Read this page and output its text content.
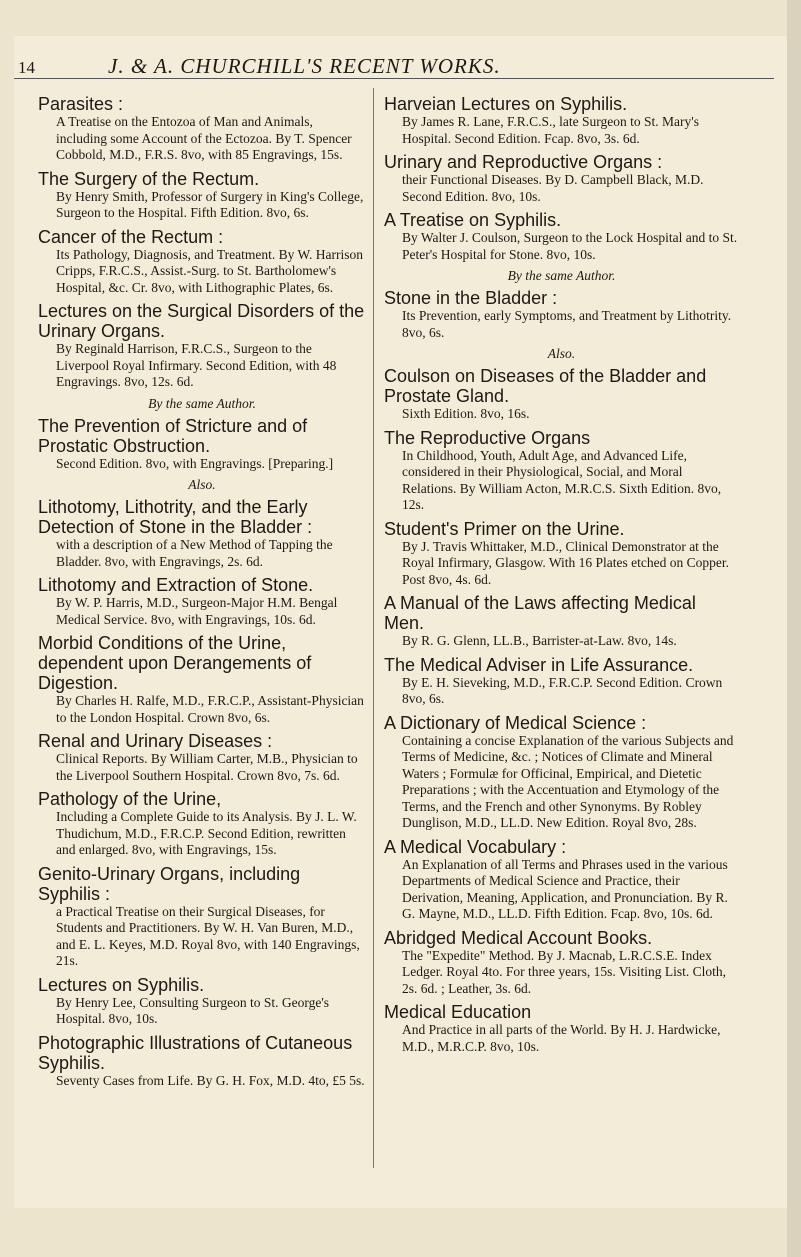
14	J. & A. CHURCHILL'S RECENT WORKS.
Parasites :
A Treatise on the Entozoa of Man and Animals, including some Account of the Ectozoa. By T. Spencer Cobbold, M.D., F.R.S. 8vo, with 85 Engravings, 15s.
The Surgery of the Rectum.
By Henry Smith, Professor of Surgery in King's College, Surgeon to the Hospital. Fifth Edition. 8vo, 6s.
Cancer of the Rectum :
Its Pathology, Diagnosis, and Treatment. By W. Harrison Cripps, F.R.C.S., Assist.-Surg. to St. Bartholomew's Hospital, &c. Cr. 8vo, with Lithographic Plates, 6s.
Lectures on the Surgical Disorders of the Urinary Organs.
By Reginald Harrison, F.R.C.S., Surgeon to the Liverpool Royal Infirmary. Second Edition, with 48 Engravings. 8vo, 12s. 6d.
By the same Author.
The Prevention of Stricture and of Prostatic Obstruction.
Second Edition. 8vo, with Engravings. [Preparing.]
Also.
Lithotomy, Lithotrity, and the Early Detection of Stone in the Bladder :
with a description of a New Method of Tapping the Bladder. 8vo, with Engravings, 2s. 6d.
Lithotomy and Extraction of Stone.
By W. P. Harris, M.D., Surgeon-Major H.M. Bengal Medical Service. 8vo, with Engravings, 10s. 6d.
Morbid Conditions of the Urine, dependent upon Derangements of Digestion.
By Charles H. Ralfe, M.D., F.R.C.P., Assistant-Physician to the London Hospital. Crown 8vo, 6s.
Renal and Urinary Diseases :
Clinical Reports. By William Carter, M.B., Physician to the Liverpool Southern Hospital. Crown 8vo, 7s. 6d.
Pathology of the Urine,
Including a Complete Guide to its Analysis. By J. L. W. Thudichum, M.D., F.R.C.P. Second Edition, rewritten and enlarged. 8vo, with Engravings, 15s.
Genito-Urinary Organs, including Syphilis :
a Practical Treatise on their Surgical Diseases, for Students and Practitioners. By W. H. Van Buren, M.D., and E. L. Keyes, M.D. Royal 8vo, with 140 Engravings, 21s.
Lectures on Syphilis.
By Henry Lee, Consulting Surgeon to St. George's Hospital. 8vo, 10s.
Photographic Illustrations of Cutaneous Syphilis.
Seventy Cases from Life. By G. H. Fox, M.D. 4to, £5 5s.
Harveian Lectures on Syphilis.
By James R. Lane, F.R.C.S., late Surgeon to St. Mary's Hospital. Second Edition. Fcap. 8vo, 3s. 6d.
Urinary and Reproductive Organs :
their Functional Diseases. By D. Campbell Black, M.D. Second Edition. 8vo, 10s.
A Treatise on Syphilis.
By Walter J. Coulson, Surgeon to the Lock Hospital and to St. Peter's Hospital for Stone. 8vo, 10s.
By the same Author.
Stone in the Bladder :
Its Prevention, early Symptoms, and Treatment by Lithotrity. 8vo, 6s.
Also.
Coulson on Diseases of the Bladder and Prostate Gland.
Sixth Edition. 8vo, 16s.
The Reproductive Organs
In Childhood, Youth, Adult Age, and Advanced Life, considered in their Physiological, Social, and Moral Relations. By William Acton, M.R.C.S. Sixth Edition. 8vo, 12s.
Student's Primer on the Urine.
By J. Travis Whittaker, M.D., Clinical Demonstrator at the Royal Infirmary, Glasgow. With 16 Plates etched on Copper. Post 8vo, 4s. 6d.
A Manual of the Laws affecting Medical Men.
By R. G. Glenn, LL.B., Barrister-at-Law. 8vo, 14s.
The Medical Adviser in Life Assurance.
By E. H. Sieveking, M.D., F.R.C.P. Second Edition. Crown 8vo, 6s.
A Dictionary of Medical Science :
Containing a concise Explanation of the various Subjects and Terms of Medicine, &c. ; Notices of Climate and Mineral Waters ; Formulæ for Officinal, Empirical, and Dietetic Preparations ; with the Accentuation and Etymology of the Terms, and the French and other Synonyms. By Robley Dunglison, M.D., LL.D. New Edition. Royal 8vo, 28s.
A Medical Vocabulary :
An Explanation of all Terms and Phrases used in the various Departments of Medical Science and Practice, their Derivation, Meaning, Application, and Pronunciation. By R. G. Mayne, M.D., LL.D. Fifth Edition. Fcap. 8vo, 10s. 6d.
Abridged Medical Account Books.
The "Expedite" Method. By J. Macnab, L.R.C.S.E. Index Ledger. Royal 4to. For three years, 15s. Visiting List. Cloth, 2s. 6d. ; Leather, 3s. 6d.
Medical Education
And Practice in all parts of the World. By H. J. Hardwicke, M.D., M.R.C.P. 8vo, 10s.
